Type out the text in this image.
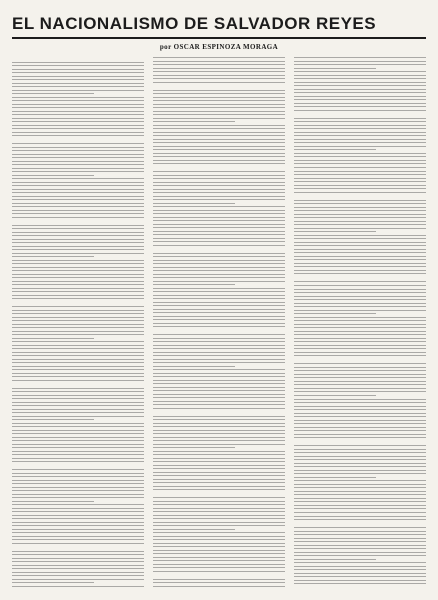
EL NACIONALISMO DE SALVADOR REYES
por OSCAR ESPINOZA MORAGA
